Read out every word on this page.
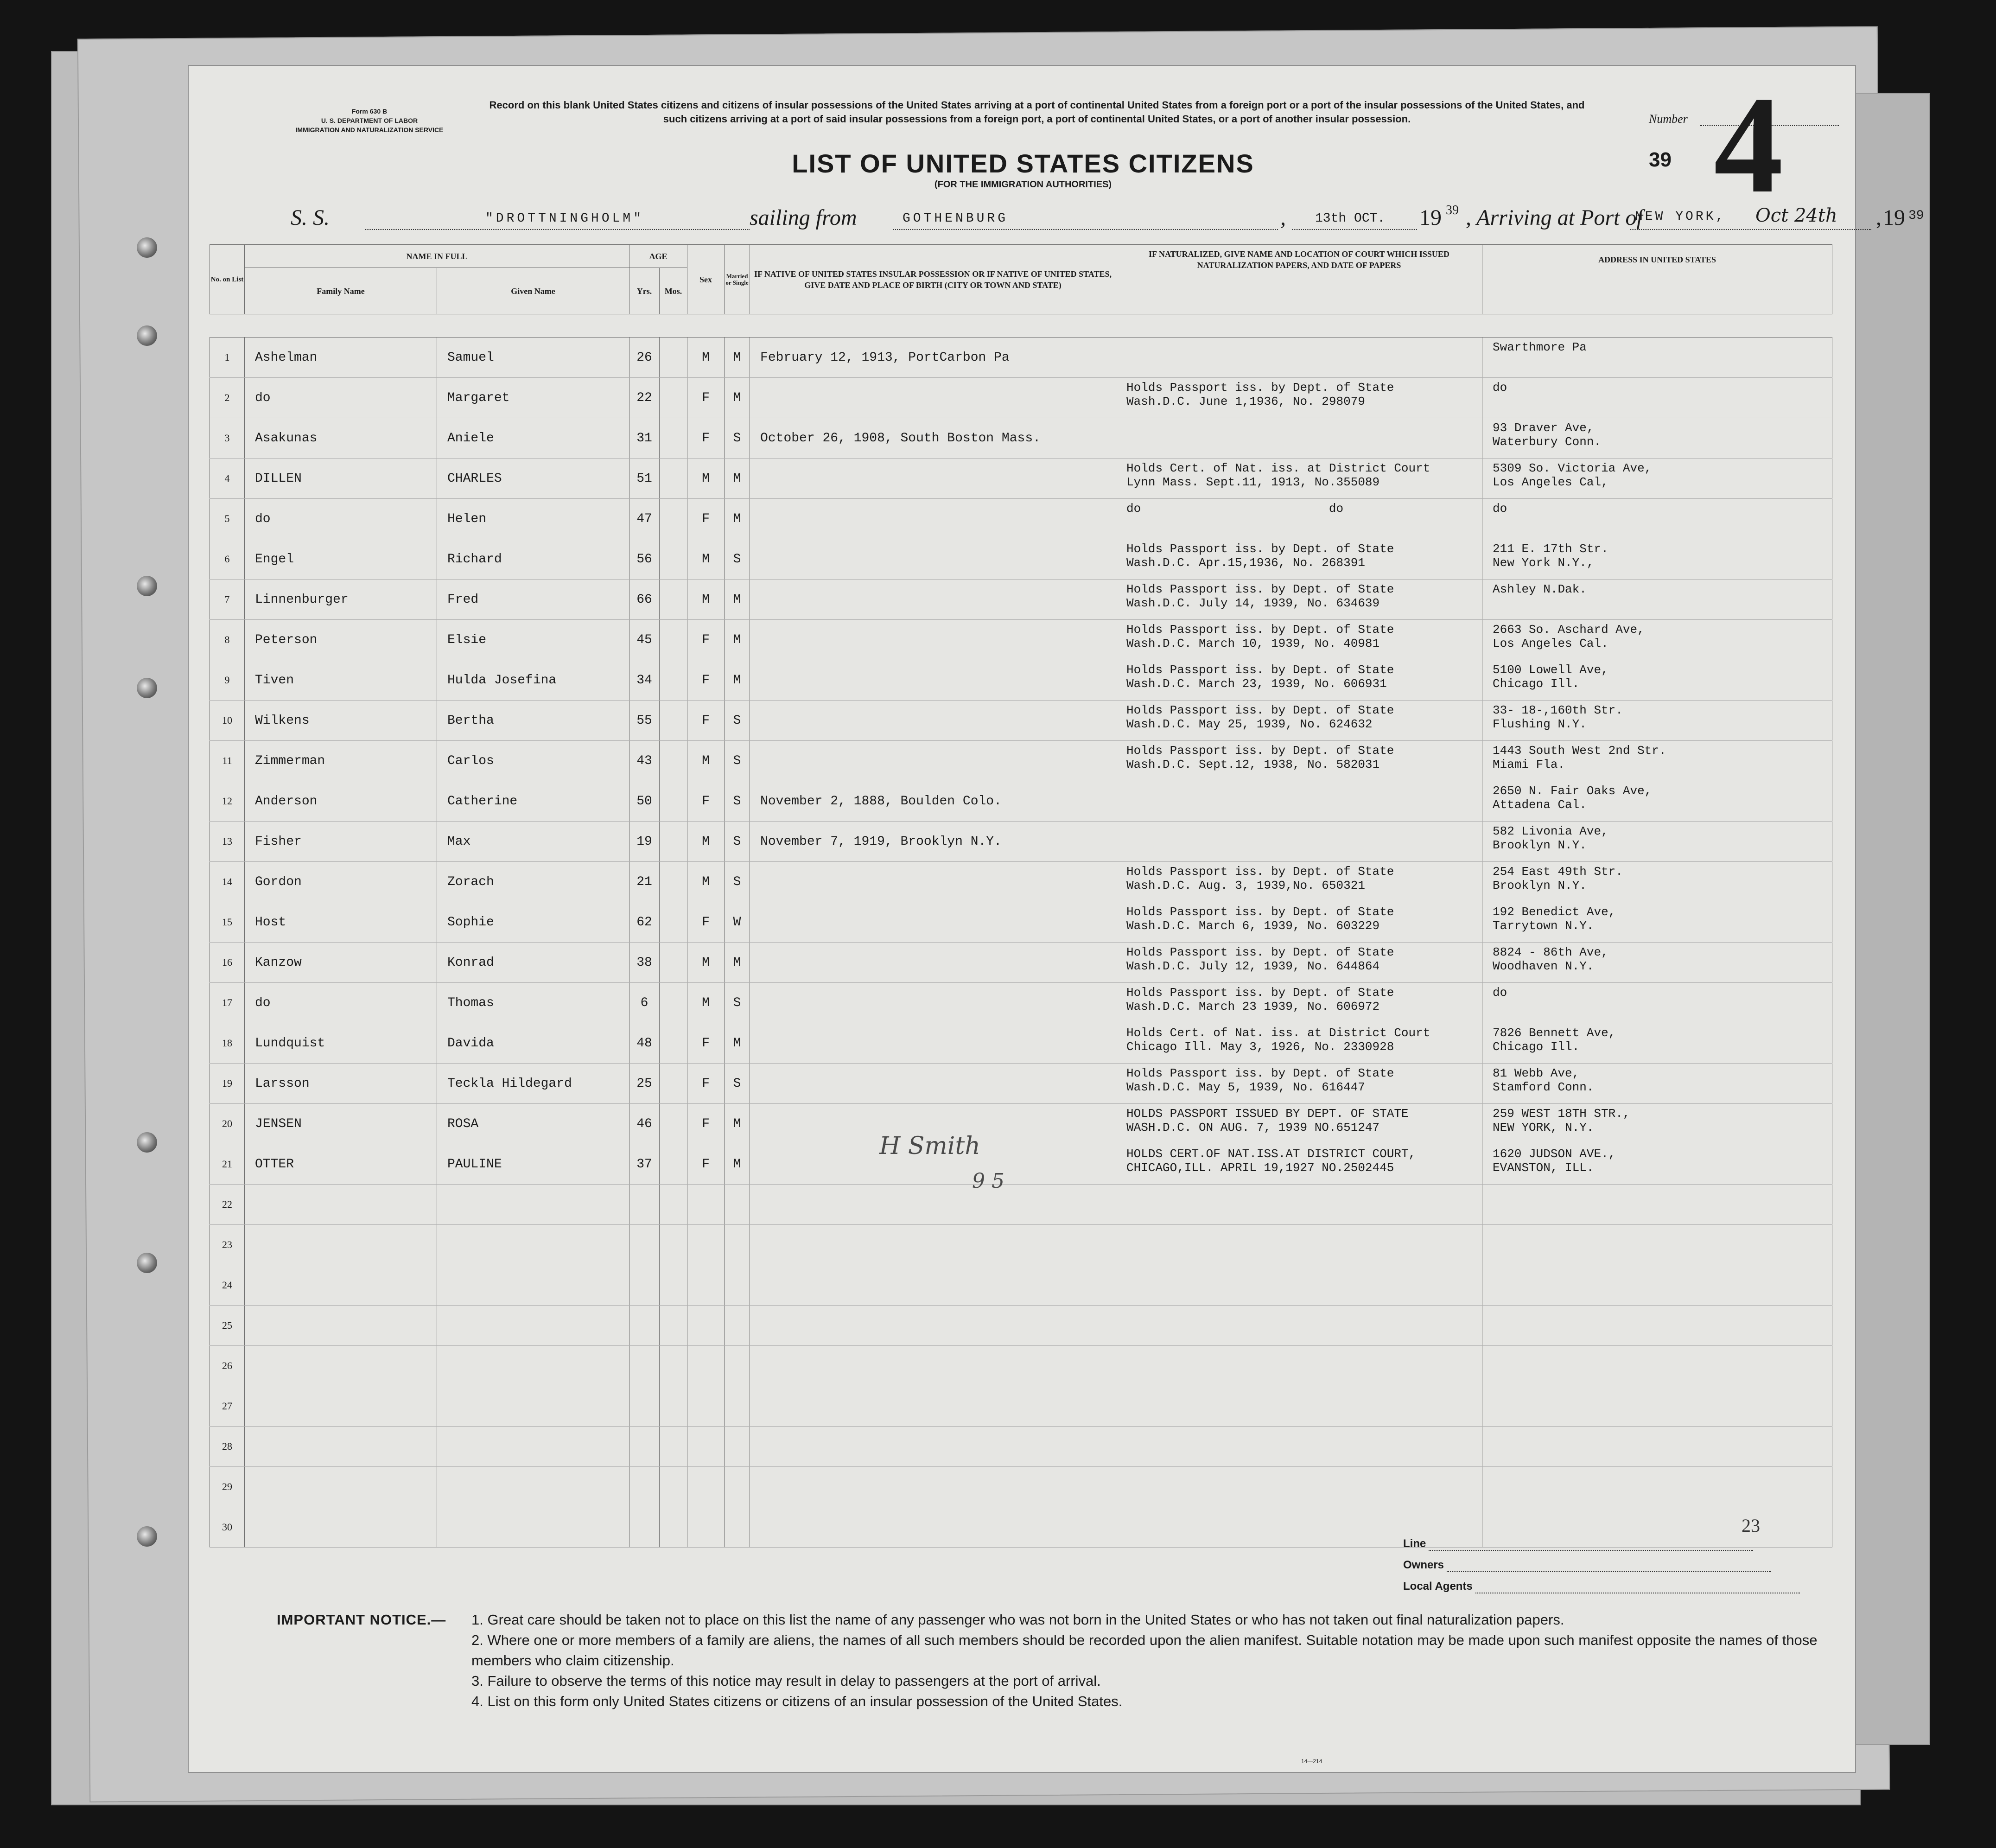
Form 630 B
U. S. DEPARTMENT OF LABOR
IMMIGRATION AND NATURALIZATION SERVICE
Record on this blank United States citizens and citizens of insular possessions of the United States arriving at a port of continental United States from a foreign port or a port of the insular possessions of the United States, and such citizens arriving at a port of said insular possessions from a foreign port, a port of continental United States, or a port of another insular possession.
LIST OF UNITED STATES CITIZENS
(FOR THE IMMIGRATION AUTHORITIES)
Number
39 4
S. S.	"DROTTNINGHOLM"	sailing from	GOTHENBURG	, 13th OCT. 19 39 , Arriving at Port of
NEW YORK, Oct 24th , 19 39
No. on List	NAME IN FULL		AGE		Sex	Married or Single	IF NATIVE OF UNITED STATES INSULAR POSSESSION OR IF NATIVE OF UNITED STATES, GIVE DATE AND PLACE OF BIRTH (CITY OR TOWN AND STATE)	IF NATURALIZED, GIVE NAME AND LOCATION OF COURT WHICH ISSUED NATURALIZATION PAPERS, AND DATE OF PAPERS	ADDRESS IN UNITED STATES
	Family Name	Given Name	Yrs.	Mos.					

1	Ashelman	Samuel	26		M	M	February 12, 1913, PortCarbon Pa		Swarthmore Pa
2	do	Margaret	22		F	M		Holds Passport iss. by Dept. of State
Wash.D.C. June 1,1936, No. 298079	do
3	Asakunas	Aniele	31		F	S	October 26, 1908, South Boston Mass.		93 Draver Ave,
Waterbury Conn.
4	DILLEN	CHARLES	51		M	M		Holds Cert. of Nat. iss. at District Court
Lynn Mass. Sept.11, 1913, No.355089	5309 So. Victoria Ave,
Los Angeles Cal,
5	do	Helen	47		F	M		do                          do	do
6	Engel	Richard	56		M	S		Holds Passport iss. by Dept. of State
Wash.D.C. Apr.15,1936, No. 268391	211 E. 17th Str.
New York N.Y.,
7	Linnenburger	Fred	66		M	M		Holds Passport iss. by Dept. of State
Wash.D.C. July 14, 1939, No. 634639	Ashley N.Dak.
8	Peterson	Elsie	45		F	M		Holds Passport iss. by Dept. of State
Wash.D.C. March 10, 1939, No. 40981	2663 So. Aschard Ave,
Los Angeles Cal.
9	Tiven	Hulda Josefina	34		F	M		Holds Passport iss. by Dept. of State
Wash.D.C. March 23, 1939, No. 606931	5100 Lowell Ave,
Chicago Ill.
10	Wilkens	Bertha	55		F	S		Holds Passport iss. by Dept. of State
Wash.D.C. May 25, 1939, No. 624632	33- 18-,160th Str.
Flushing N.Y.
11	Zimmerman	Carlos	43		M	S		Holds Passport iss. by Dept. of State
Wash.D.C. Sept.12, 1938, No. 582031	1443 South West 2nd Str.
Miami Fla.
12	Anderson	Catherine	50		F	S	November 2, 1888, Boulden Colo.		2650 N. Fair Oaks Ave,
Attadena Cal.
13	Fisher	Max	19		M	S	November 7, 1919, Brooklyn N.Y.		582 Livonia Ave,
Brooklyn N.Y.
14	Gordon	Zorach	21		M	S		Holds Passport iss. by Dept. of State
Wash.D.C. Aug. 3, 1939,No. 650321	254 East 49th Str.
Brooklyn N.Y.
15	Host	Sophie	62		F	W		Holds Passport iss. by Dept. of State
Wash.D.C. March 6, 1939, No. 603229	192 Benedict Ave,
Tarrytown N.Y.
16	Kanzow	Konrad	38		M	M		Holds Passport iss. by Dept. of State
Wash.D.C. July 12, 1939, No. 644864	8824 - 86th Ave,
Woodhaven N.Y.
17	do	Thomas	6		M	S		Holds Passport iss. by Dept. of State
Wash.D.C. March 23 1939, No. 606972	do
18	Lundquist	Davida	48		F	M		Holds Cert. of Nat. iss. at District Court
Chicago Ill. May 3, 1926, No. 2330928	7826 Bennett Ave,
Chicago Ill.
19	Larsson	Teckla Hildegard	25		F	S		Holds Passport iss. by Dept. of State
Wash.D.C. May 5, 1939, No. 616447	81 Webb Ave,
Stamford Conn.
20	JENSEN	ROSA	46		F	M		HOLDS PASSPORT ISSUED BY DEPT. OF STATE
WASH.D.C. ON AUG. 7, 1939 NO.651247	259 WEST 18TH STR.,
NEW YORK, N.Y.
21	OTTER	PAULINE	37		F	M		HOLDS CERT.OF NAT.ISS.AT DISTRICT COURT,
CHICAGO,ILL. APRIL 19,1927 NO.2502445	1620 JUDSON AVE.,
EVANSTON, ILL.
22									
23									
24									
25									
26									
27									
28									
29									
30									
H Smith
9 5
23
Line
Owners
Local Agents
IMPORTANT NOTICE.— 1. Great care should be taken not to place on this list the name of any passenger who was not born in the United States or who has not taken out final naturalization papers.
2. Where one or more members of a family are aliens, the names of all such members should be recorded upon the alien manifest. Suitable notation may be made upon such manifest opposite the names of those members who claim citizenship.
3. Failure to observe the terms of this notice may result in delay to passengers at the port of arrival.
4. List on this form only United States citizens or citizens of an insular possession of the United States.
14—214
